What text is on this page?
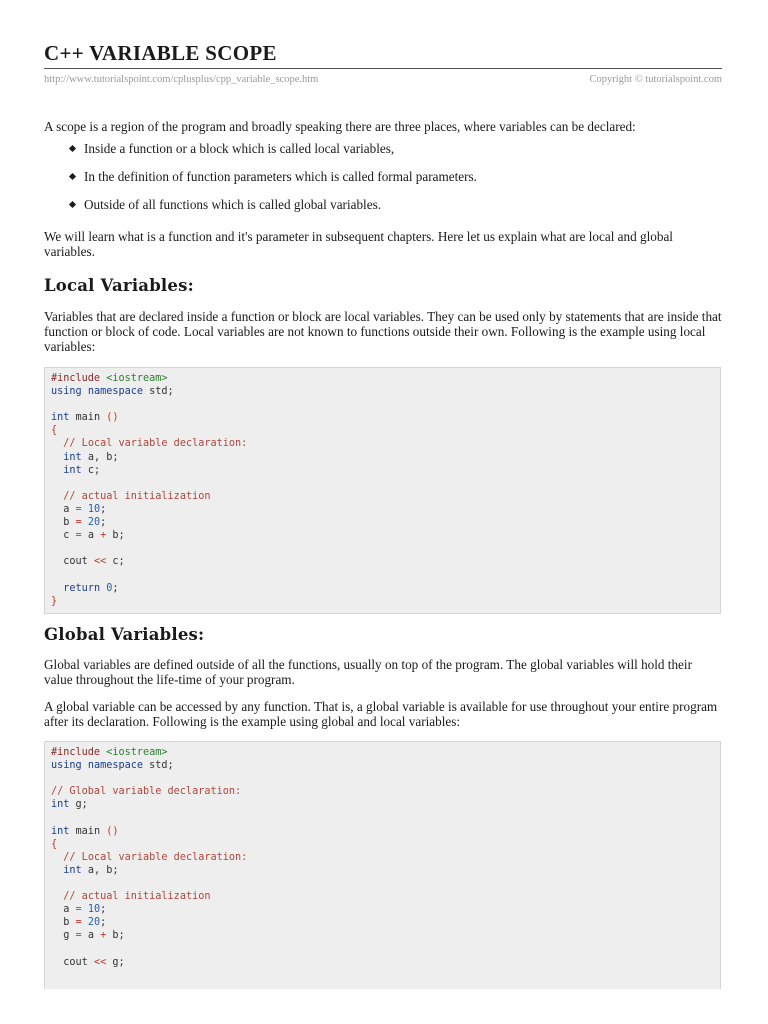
C++ VARIABLE SCOPE
http://www.tutorialspoint.com/cplusplus/cpp_variable_scope.htm	Copyright © tutorialspoint.com

A scope is a region of the program and broadly speaking there are three places, where variables can be declared:

Inside a function or a block which is called local variables,
In the definition of function parameters which is called formal parameters.
Outside of all functions which is called global variables.

We will learn what is a function and it's parameter in subsequent chapters. Here let us explain what are local and global variables.

Local Variables:

Variables that are declared inside a function or block are local variables. They can be used only by statements that are inside that function or block of code. Local variables are not known to functions outside their own. Following is the example using local variables:

#include <iostream>
using namespace std;

int main ()
{
// Local variable declaration:
int a, b;
int c;

// actual initialization
a = 10;
b = 20;
c = a + b;

cout << c;

return 0;
}
Global Variables:

Global variables are defined outside of all the functions, usually on top of the program. The global variables will hold their value throughout the life-time of your program.

A global variable can be accessed by any function. That is, a global variable is available for use throughout your entire program after its declaration. Following is the example using global and local variables:

#include <iostream>
using namespace std;

// Global variable declaration:
int g;

int main ()
{
// Local variable declaration:
int a, b;

// actual initialization
a = 10;
b = 20;
g = a + b;

cout << g;
